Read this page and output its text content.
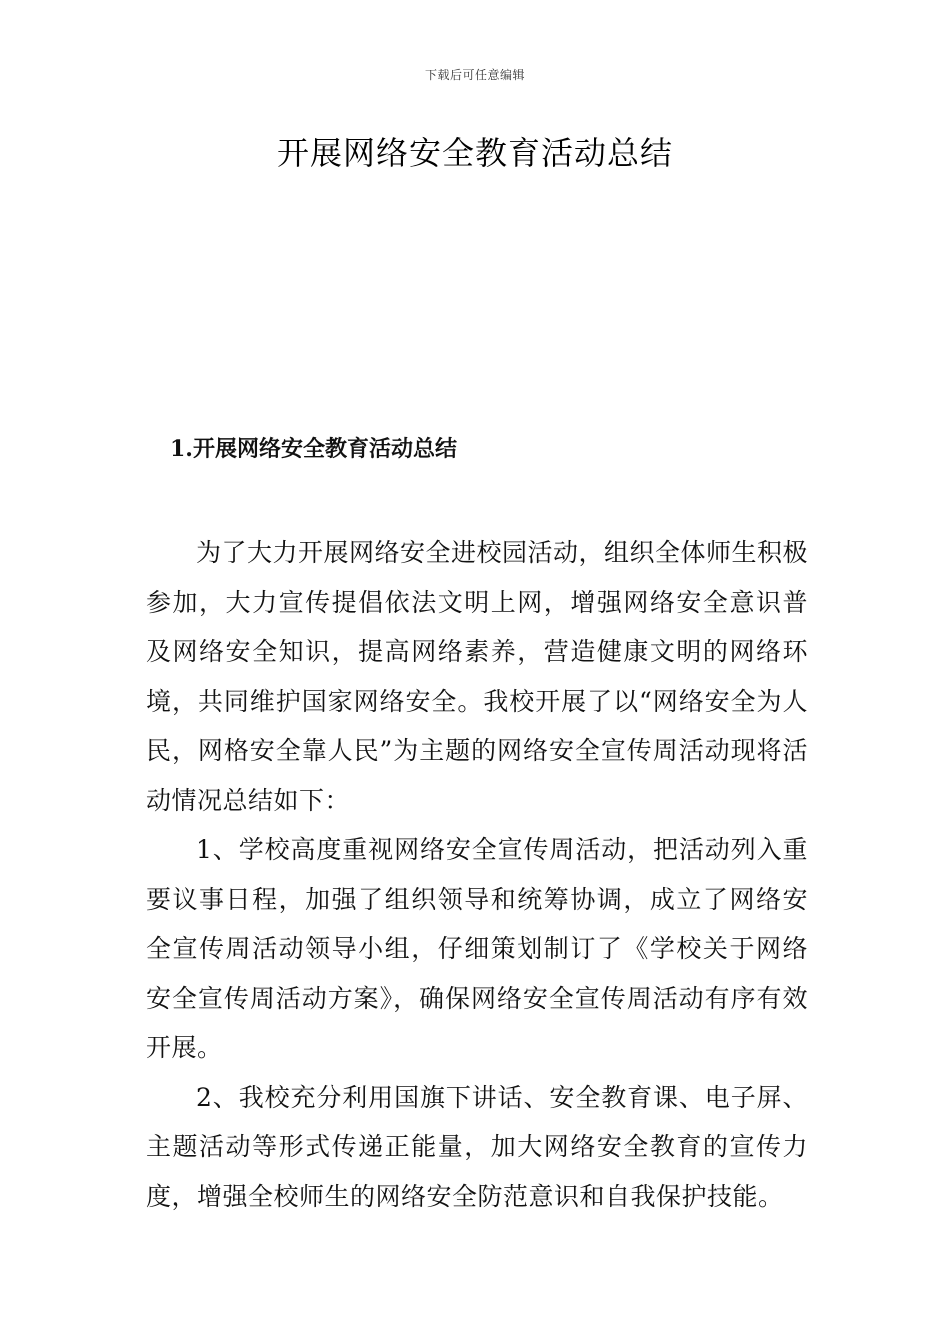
下载后可任意编辑
开展网络安全教育活动总结
1.开展网络安全教育活动总结

为了大力开展网络安全进校园活动，组织全体师生积极参加，大力宣传提倡依法文明上网，增强网络安全意识普及网络安全知识，提高网络素养，营造健康文明的网络环境，共同维护国家网络安全。我校开展了以“网络安全为人民，网格安全靠人民”为主题的网络安全宣传周活动现将活动情况总结如下：

1、学校高度重视网络安全宣传周活动，把活动列入重要议事日程，加强了组织领导和统筹协调，成立了网络安全宣传周活动领导小组，仔细策划制订了《学校关于网络安全宣传周活动方案》，确保网络安全宣传周活动有序有效开展。

2、我校充分利用国旗下讲话、安全教育课、电子屏、主题活动等形式传递正能量，加大网络安全教育的宣传力度，增强全校师生的网络安全防范意识和自我保护技能。
